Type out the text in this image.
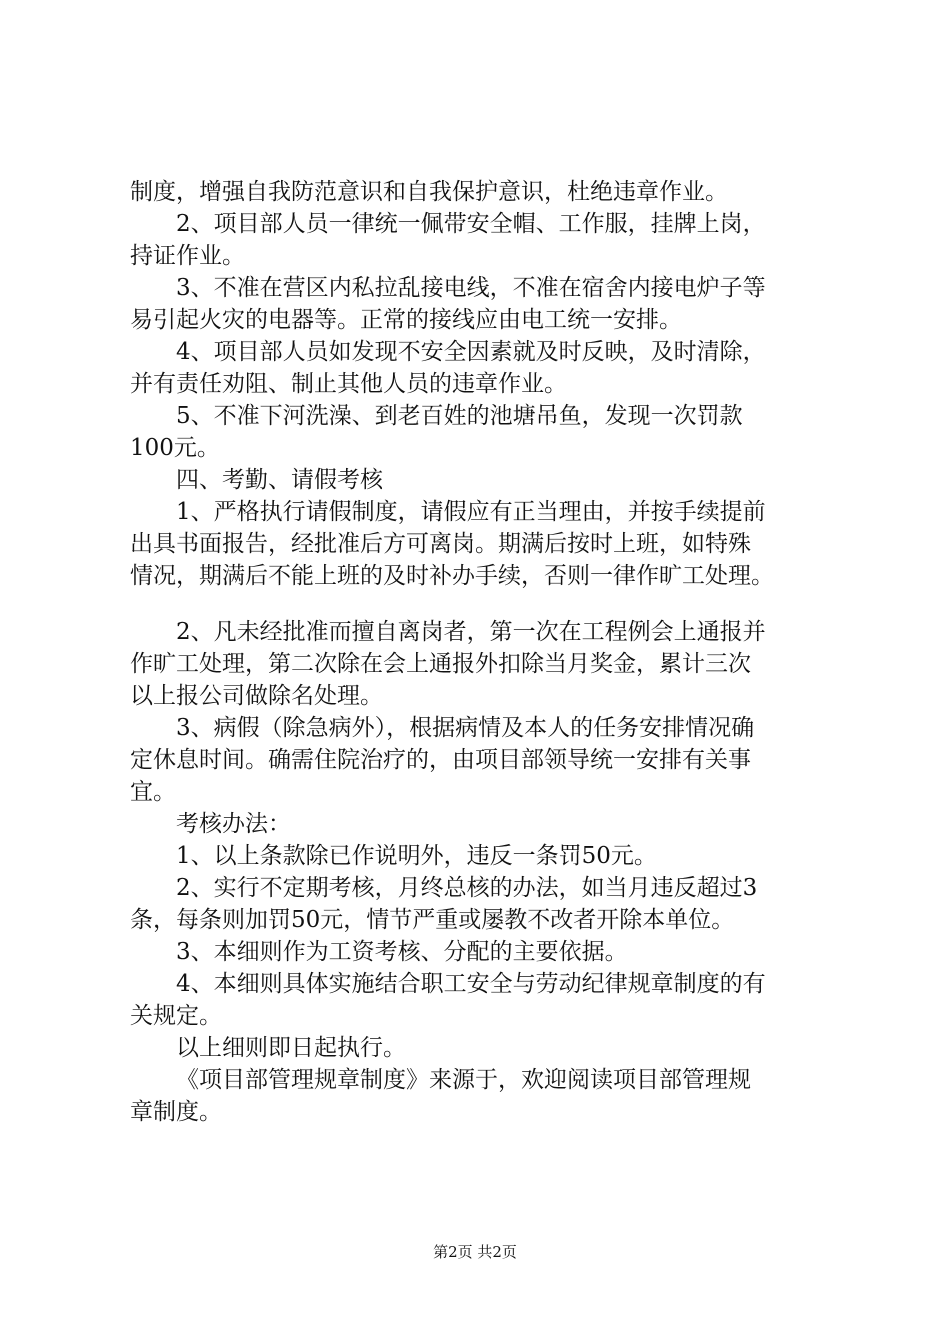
制度，增强自我防范意识和自我保护意识，杜绝违章作业。
2、项目部人员一律统一佩带安全帽、工作服，挂牌上岗，
持证作业。
3、不准在营区内私拉乱接电线，不准在宿舍内接电炉子等
易引起火灾的电器等。正常的接线应由电工统一安排。
4、项目部人员如发现不安全因素就及时反映，及时清除，
并有责任劝阻、制止其他人员的违章作业。
5、不准下河洗澡、到老百姓的池塘吊鱼，发现一次罚款
100元。
四、考勤、请假考核
1、严格执行请假制度，请假应有正当理由，并按手续提前
出具书面报告，经批准后方可离岗。期满后按时上班，如特殊
情况，期满后不能上班的及时补办手续，否则一律作旷工处理。
2、凡未经批准而擅自离岗者，第一次在工程例会上通报并
作旷工处理，第二次除在会上通报外扣除当月奖金，累计三次
以上报公司做除名处理。
3、病假（除急病外），根据病情及本人的任务安排情况确
定休息时间。确需住院治疗的，由项目部领导统一安排有关事
宜。
考核办法：
1、以上条款除已作说明外，违反一条罚50元。
2、实行不定期考核，月终总核的办法，如当月违反超过3
条，每条则加罚50元，情节严重或屡教不改者开除本单位。
3、本细则作为工资考核、分配的主要依据。
4、本细则具体实施结合职工安全与劳动纪律规章制度的有
关规定。
以上细则即日起执行。
《项目部管理规章制度》来源于，欢迎阅读项目部管理规
章制度。
第2页 共2页
